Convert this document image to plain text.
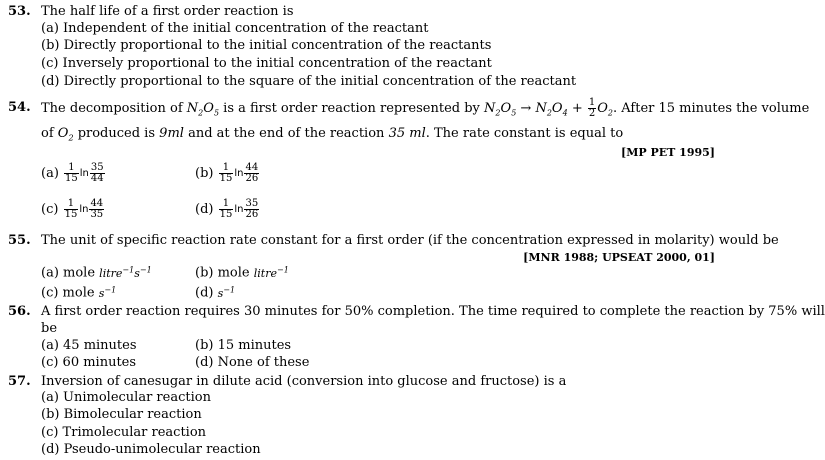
53. The half life of a first order reaction is
(a) Independent of the initial concentration of the reactant
(b) Directly proportional to the initial concentration of the reactants
(c) Inversely proportional to the initial concentration of the reactant
(d) Directly proportional to the square of the initial concentration of the reactant
54. The decomposition of $N_2O_5$ is a first order reaction represented by $N_2O_5 \to N_2O_4 + \frac{1}{2} O_2$. After 15 minutes the volume
of $O_2$ produced is 9ml and at the end of the reaction 35 ml. The rate constant is equal to
[MP PET 1995]
$(a) \frac{1}{15}$ $\ln \frac{35}{44}$	$(b) \frac{1}{15}$ $\ln \frac{44}{26}$
$(c) \frac{1}{15}$ $\ln \frac{44}{35}$	$(d) \frac{1}{15}$ $\ln \frac{35}{26}$
55. The unit of specific reaction rate constant for a first order (if the concentration expressed in molarity) would be
[MNR 1988; UPSEAT 2000, 01]
(a) mole $litre^{-1}s^{-1}$	(b) mole litre$^{-1}$
(c) mole $s^{-1}$	(d) $s^{-1}$
56. A first order reaction requires 30 minutes for 50% completion. The time required to complete the reaction by 75% will
be
(a) 45 minutes	(b) 15 minutes
(c) 60 minutes	(d) None of these
57. Inversion of canesugar in dilute acid (conversion into glucose and fructose) is a
(a) Unimolecular reaction
(b) Bimolecular reaction
(c) Trimolecular reaction
(d) Pseudo-unimolecular reaction
